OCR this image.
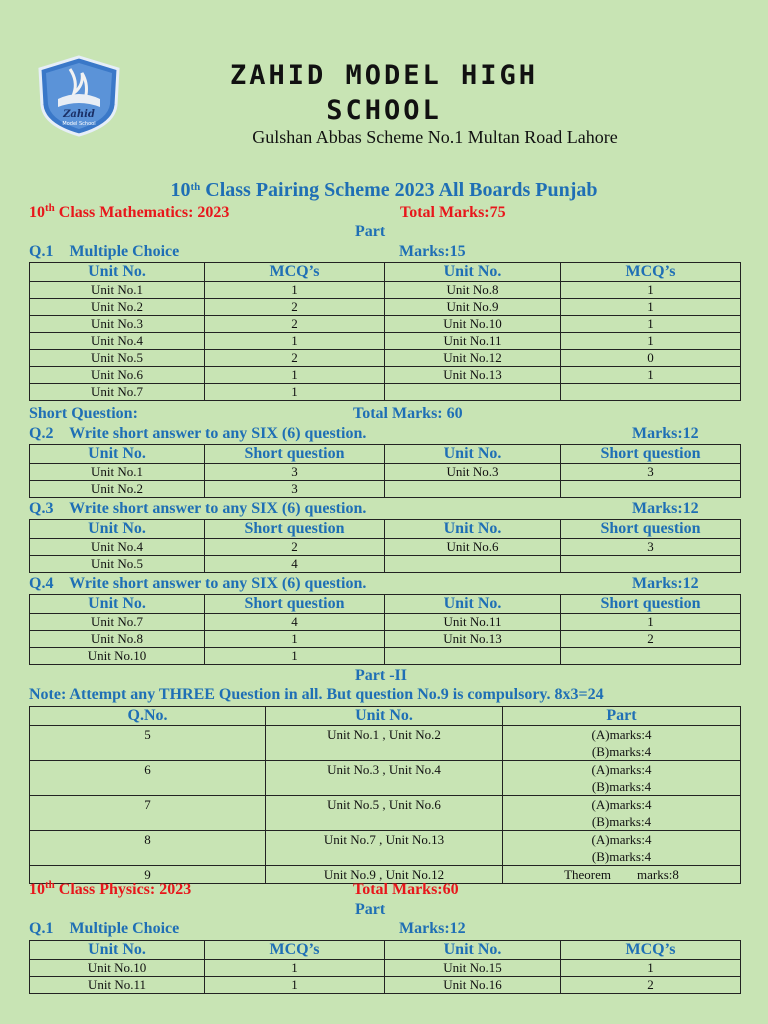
Zahid
Model School
ZAHID MODEL HIGH
SCHOOL
Gulshan Abbas Scheme No.1 Multan Road Lahore
10th Class Pairing Scheme 2023 All Boards Punjab
10th Class Mathematics: 2023	Total Marks:75
Part
Q.1    Multiple Choice	Marks:15
Unit No.	MCQ’s	Unit No.	MCQ’s
Unit No.1	1	Unit No.8	1
Unit No.2	2	Unit No.9	1
Unit No.3	2	Unit No.10	1
Unit No.4	1	Unit No.11	1
Unit No.5	2	Unit No.12	0
Unit No.6	1	Unit No.13	1
Unit No.7	1		
Short Question:	Total Marks: 60
Q.2    Write short answer to any SIX (6) question.	Marks:12
Unit No.	Short question	Unit No.	Short question
Unit No.1	3	Unit No.3	3
Unit No.2	3		
Q.3    Write short answer to any SIX (6) question.	Marks:12
Unit No.	Short question	Unit No.	Short question
Unit No.4	2	Unit No.6	3
Unit No.5	4		
Q.4    Write short answer to any SIX (6) question.	Marks:12
Unit No.	Short question	Unit No.	Short question
Unit No.7	4	Unit No.11	1
Unit No.8	1	Unit No.13	2
Unit No.10	1		
Part -II
Note: Attempt any THREE Question in all. But question No.9 is compulsory. 8x3=24
Q.No.	Unit No.	Part
5	Unit No.1 , Unit No.2	(A)marks:4
(B)marks:4

6	Unit No.3 , Unit No.4	(A)marks:4
(B)marks:4

7	Unit No.5 , Unit No.6	(A)marks:4
(B)marks:4

8	Unit No.7 , Unit No.13	(A)marks:4
(B)marks:4

9	Unit No.9 , Unit No.12	Theorem        marks:8
10th Class Physics: 2023	Total Marks:60
Part
Q.1    Multiple Choice	Marks:12
Unit No.	MCQ’s	Unit No.	MCQ’s
Unit No.10	1	Unit No.15	1
Unit No.11	1	Unit No.16	2
